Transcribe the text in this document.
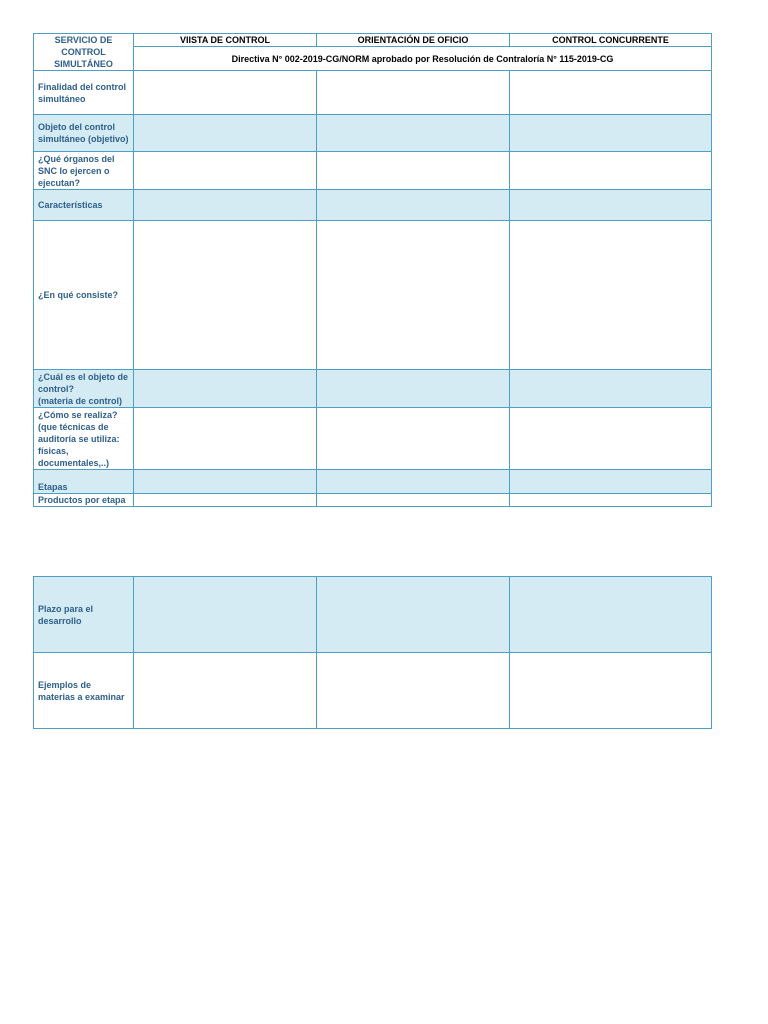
SERVICIO DE CONTROL SIMULTÁNEO	VIISTA DE CONTROL	ORIENTACIÓN DE OFICIO	CONTROL CONCURRENTE
	Directiva N° 002-2019-CG/NORM aprobado por Resolución de Contraloría N° 115-2019-CG		
Finalidad del control simultáneo			
Objeto del control simultáneo (objetivo)			
¿Qué órganos del SNC lo ejercen o ejecutan?			
Características			
¿En qué consiste?			
¿Cuál es el objeto de control?
(materia de control)			
¿Cómo se realiza? (que técnicas de auditoría se utiliza: físicas, documentales,..)			
Etapas			
Productos por etapa			
Plazo para el desarrollo			
Ejemplos de materias a examinar			
